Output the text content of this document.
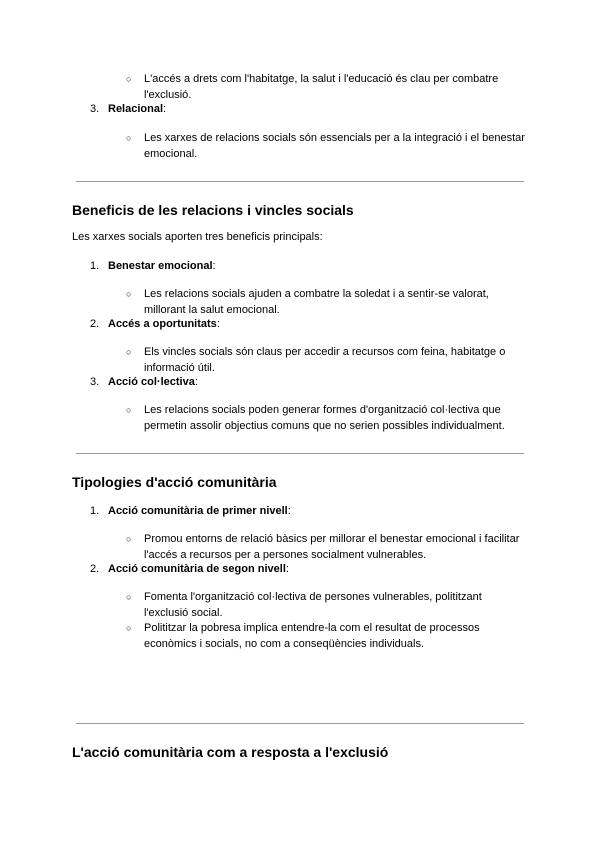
○ L'accés a drets com l'habitatge, la salut i l'educació és clau per combatre l'exclusió.
3. Relacional:
○ Les xarxes de relacions socials són essencials per a la integració i el benestar emocional.
Beneficis de les relacions i vincles socials
Les xarxes socials aporten tres beneficis principals:
1. Benestar emocional:
○ Les relacions socials ajuden a combatre la soledat i a sentir-se valorat, millorant la salut emocional.
2. Accés a oportunitats:
○ Els vincles socials són claus per accedir a recursos com feina, habitatge o informació útil.
3. Acció col·lectiva:
○ Les relacions socials poden generar formes d'organització col·lectiva que permetin assolir objectius comuns que no serien possibles individualment.
Tipologies d'acció comunitària
1. Acció comunitària de primer nivell:
○ Promou entorns de relació bàsics per millorar el benestar emocional i facilitar l'accés a recursos per a persones socialment vulnerables.
2. Acció comunitària de segon nivell:
○ Fomenta l'organització col·lectiva de persones vulnerables, polititzant l'exclusió social.
○ Polititzar la pobresa implica entendre-la com el resultat de processos econòmics i socials, no com a conseqüències individuals.
L'acció comunitària com a resposta a l'exclusió
